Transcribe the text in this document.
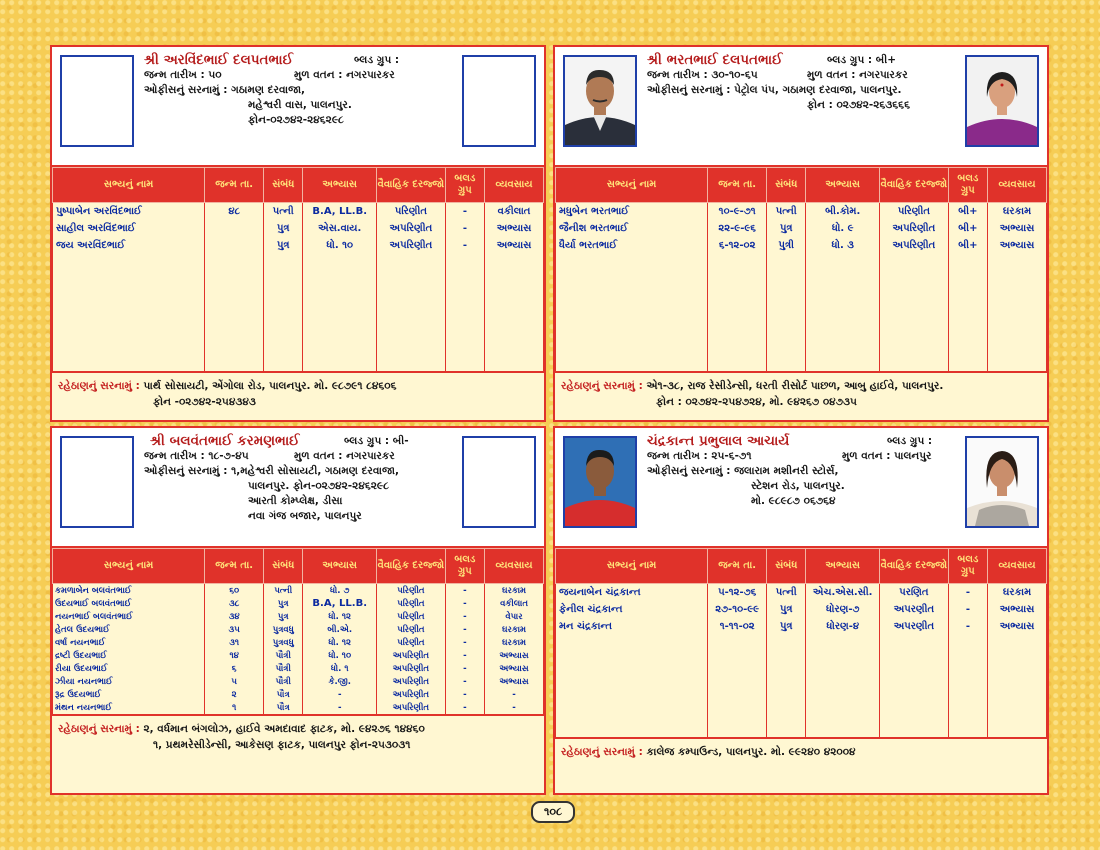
શ્રી અરવિંદભાઈ દલપતભાઈ	બ્લડ ગ્રુપ :
જન્મ તારીખ : ૫૦	મુળ વતન : નગરપારકર
ઓફીસનું સરનામું : ગઠામણ દરવાજા,
મહેશ્વરી વાસ, પાલનપુર.
ફોન-૦૨૭૪૨-૨૪૬૨૯૮
સભ્યનું નામ	જન્મ તા.	સંબંધ	અભ્યાસ	વૈવાહિક દરજ્જો	બલડ ગ્રુપ	વ્યવસાય
પુષ્પાબેન અરવિંદભાઈ	૪૮	પત્ની	B.A, LL.B.	પરિણીત	-	વકીલાત
સાહીલ અરવિંદભાઈ		પુત્ર	એસ.વાય.	અપરિણીત	-	અભ્યાસ
જય અરવિંદભાઈ		પુત્ર	ધો. ૧૦	અપરિણીત	-	અભ્યાસ

રહેઠાણનું સરનામું : પાર્થ સોસાયટી, એંગોલા રોડ, પાલનપુર. મો. ૯૮૭૯૧ ૮૪૬૦૬
ફોન -૦૨૭૪૨-૨૫૪૩૪૩
શ્રી ભરતભાઈ દલપતભાઈ	બ્લડ ગ્રુપ : બી+
જન્મ તારીખ : ૩૦-૧૦-૬૫	મુળ વતન : નગરપારકર
ઓફીસનું સરનામું : પેટ્રોલ પંપ, ગઠામણ દરવાજા, પાલનપુર.
ફોન : ૦૨૭૪૨-૨૬૩૬૬૬
સભ્યનું નામ	જન્મ તા.	સંબંધ	અભ્યાસ	વૈવાહિક દરજ્જો	બલડ ગ્રુપ	વ્યવસાય
મધુબેન ભરતભાઈ	૧૦-૯-૭૧	પત્ની	બી.કોમ.	પરિણીત	બી+	ઘરકામ
જૈનીશ ભરતભાઈ	૨૨-૯-૯૬	પુત્ર	ધો. ૯	અપરિણીત	બી+	અભ્યાસ
ધૈર્યા ભરતભાઈ	૬-૧૨-૦૨	પુત્રી	ધો. ૩	અપરિણીત	બી+	અભ્યાસ

રહેઠાણનું સરનામું : એ૧-૩૮, રાજ રેસીડેન્સી, ધરતી રીસોર્ટ પાછળ, આબુ હાઈવે, પાલનપુર.
ફોન : ૦૨૭૪૨-૨૫૪૭૨૪, મો. ૯૪૨૬૭ ૦૪૭૩૫
શ્રી બલવંતભાઈ કરમણભાઈ	બ્લડ ગ્રુપ : બી-
જન્મ તારીખ : ૧૮-૭-૪૫	મુળ વતન : નગરપારકર
ઓફીસનું સરનામું : ૧,મહેશ્વરી સોસાયટી, ગઠામણ દરવાજા,
પાલનપુર. ફોન-૦૨૭૪૨-૨૪૬૨૯૮
આરતી કોમ્પ્લેક્ષ, ડીસા
નવા ગંજ બજાર, પાલનપુર
સભ્યનું નામ	જન્મ તા.	સંબંધ	અભ્યાસ	વૈવાહિક દરજ્જો	બલડ ગ્રુપ	વ્યવસાય
કમળાબેન બલવંતભાઈ	૬૦	પત્ની	ધો. ૭	પરિણીત	-	ઘરકામ
ઉદયભાઈ બલવંતભાઈ	૩૮	પુત્ર	B.A, LL.B.	પરિણીત	-	વકીલાત
નયનભાઈ બલવંતભાઈ	૩૪	પુત્ર	ધો. ૧૨	પરિણીત	-	વેપાર
હેતલ ઉદયભાઈ	૩૫	પુત્રવધુ	બી.એ.	પરિણીત	-	ઘરકામ
વર્ષા નયનભાઈ	૩૧	પુત્રવધુ	ધો. ૧૨	પરિણીત	-	ઘરકામ
દ્રષ્ટી ઉદયભાઈ	૧૪	પૌત્રી	ધો. ૧૦	અપરિણીત	-	અભ્યાસ
રીયા ઉદયભાઈ	૬	પૌત્રી	ધો. ૧	અપરિણીત	-	અભ્યાસ
ઝીયા નયનભાઈ	૫	પૌત્રી	કે.જી.	અપરિણીત	-	અભ્યાસ
રૂદ્ર ઉદયભાઈ	૨	પૌત્ર	-	અપરિણીત	-	-
મંથન નયનભાઈ	૧	પૌત્ર	-	અપરિણીત	-	-
રહેઠાણનું સરનામું : ૨, વર્ધમાન બંગલોઝ, હાઈવે અમદાવાદ ફાટક, મો. ૯૪૨૭૬ ૧૪૪૬૦
૧, પ્રથમરેસીડેન્સી, આકેસણ ફાટક, પાલનપુર ફોન-૨૫૩૦૩૧
ચંદ્રકાન્ત પ્રભુલાલ આચાર્ય	બ્લડ ગ્રુપ :
જન્મ તારીખ : ૨૫-૬-૭૧	મુળ વતન : પાલનપુર
ઓફીસનું સરનામું : જલારામ મશીનરી સ્ટોર્સ,
સ્ટેશન રોડ, પાલનપુર.
મો. ૯૮૯૮૭ ૦૬૭૬૪
સભ્યનું નામ	જન્મ તા.	સંબંધ	અભ્યાસ	વૈવાહિક દરજ્જો	બલડ ગ્રુપ	વ્યવસાય
જયનાબેન ચંદ્રકાન્ત	૫-૧૨-૭૬	પત્ની	એચ.એસ.સી.	પરણિત	-	ઘરકામ
ફેનીલ ચંદ્રકાન્ત	૨૭-૧૦-૯૯	પુત્ર	ધોરણ-૭	અપરણીત	-	અભ્યાસ
મન ચંદ્રકાન્ત	૧-૧૧-૦૨	પુત્ર	ધોરણ-૪	અપરણીત	-	અભ્યાસ

રહેઠાણનું સરનામું : કાલેજ કમ્પાઉન્ડ, પાલનપુર. મો. ૯૯૨૪૦ ૪૨૦૦૪
૧૦૮
